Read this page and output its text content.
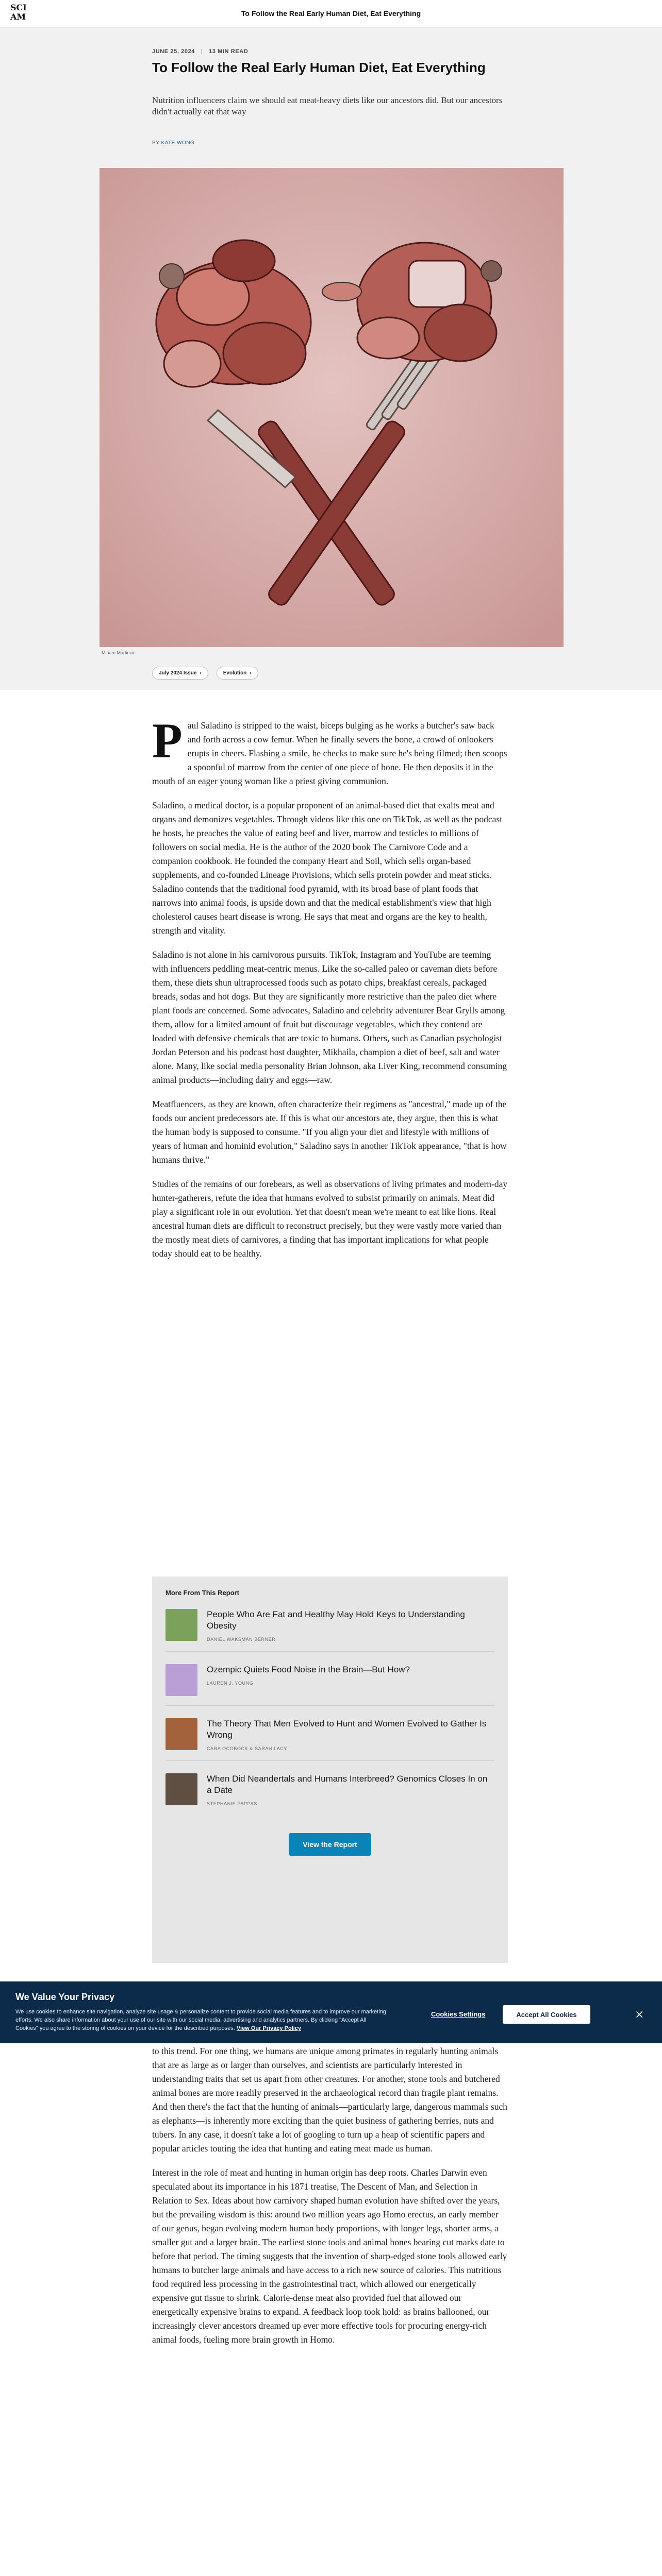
SCI
AM	To Follow the Real Early Human Diet, Eat Everything
JUNE 25, 2024 | 13 MIN READ
To Follow the Real Early Human Diet, Eat Everything

Nutrition influencers claim we should eat meat-heavy diets like our ancestors did. But our ancestors didn't actually eat that way

BY KATE WONG
Miriam Martincic
July 2024 Issue ›	Evolution ›

Paul Saladino is stripped to the waist, biceps bulging as he works a butcher's saw back and forth across a cow femur. When he finally severs the bone, a crowd of onlookers erupts in cheers. Flashing a smile, he checks to make sure he's being filmed; then scoops a spoonful of marrow from the center of one piece of bone. He then deposits it in the mouth of an eager young woman like a priest giving communion.

Saladino, a medical doctor, is a popular proponent of an animal-based diet that exalts meat and organs and demonizes vegetables. Through videos like this one on TikTok, as well as the podcast he hosts, he preaches the value of eating beef and liver, marrow and testicles to millions of followers on social media. He is the author of the 2020 book The Carnivore Code and a companion cookbook. He founded the company Heart and Soil, which sells organ-based supplements, and co-founded Lineage Provisions, which sells protein powder and meat sticks. Saladino contends that the traditional food pyramid, with its broad base of plant foods that narrows into animal foods, is upside down and that the medical establishment's view that high cholesterol causes heart disease is wrong. He says that meat and organs are the key to health, strength and vitality.

Saladino is not alone in his carnivorous pursuits. TikTok, Instagram and YouTube are teeming with influencers peddling meat-centric menus. Like the so-called paleo or caveman diets before them, these diets shun ultraprocessed foods such as potato chips, breakfast cereals, packaged breads, sodas and hot dogs. But they are significantly more restrictive than the paleo diet where plant foods are concerned. Some advocates, Saladino and celebrity adventurer Bear Grylls among them, allow for a limited amount of fruit but discourage vegetables, which they contend are loaded with defensive chemicals that are toxic to humans. Others, such as Canadian psychologist Jordan Peterson and his podcast host daughter, Mikhaila, champion a diet of beef, salt and water alone. Many, like social media personality Brian Johnson, aka Liver King, recommend consuming animal products—including dairy and eggs—raw.

Meatfluencers, as they are known, often characterize their regimens as "ancestral," made up of the foods our ancient predecessors ate. If this is what our ancestors ate, they argue, then this is what the human body is supposed to consume. "If you align your diet and lifestyle with millions of years of human and hominid evolution," Saladino says in another TikTok appearance, "that is how humans thrive."

Studies of the remains of our forebears, as well as observations of living primates and modern-day hunter-gatherers, refute the idea that humans evolved to subsist primarily on animals. Meat did play a significant role in our evolution. Yet that doesn't mean we're meant to eat like lions. Real ancestral human diets are difficult to reconstruct precisely, but they were vastly more varied than the mostly meat diets of carnivores, a finding that has important implications for what people today should eat to be healthy.

More From This Report
People Who Are Fat and Healthy May Hold Keys to Understanding Obesity
DANIEL WAKSMAN BERNER
Ozempic Quiets Food Noise in the Brain—But How?
LAUREN J. YOUNG
The Theory That Men Evolved to Hunt and Women Evolved to Gather Is Wrong
CARA OCOBOCK & SARAH LACY
When Did Neandertals and Humans Interbreed? Genomics Closes In on a Date
STEPHANIE PAPPAS
View the Report
We Value Your Privacy

We use cookies to enhance site navigation, analyze site usage & personalize content to provide social media features and to improve our marketing efforts. We also share information about your use of our site with our social media, advertising and analytics partners. By clicking "Accept All Cookies" you agree to the storing of cookies on your device for the described purposes. View Our Privacy Policy

Cookies Settings	Accept All Cookies	×

to this trend. For one thing, we humans are unique among primates in regularly hunting animals that are as large as or larger than ourselves, and scientists are particularly interested in understanding traits that set us apart from other creatures. For another, stone tools and butchered animal bones are more readily preserved in the archaeological record than fragile plant remains. And then there's the fact that the hunting of animals—particularly large, dangerous mammals such as elephants—is inherently more exciting than the quiet business of gathering berries, nuts and tubers. In any case, it doesn't take a lot of googling to turn up a heap of scientific papers and popular articles touting the idea that hunting and eating meat made us human.

Interest in the role of meat and hunting in human origin has deep roots. Charles Darwin even speculated about its importance in his 1871 treatise, The Descent of Man, and Selection in Relation to Sex. Ideas about how carnivory shaped human evolution have shifted over the years, but the prevailing wisdom is this: around two million years ago Homo erectus, an early member of our genus, began evolving modern human body proportions, with longer legs, shorter arms, a smaller gut and a larger brain. The earliest stone tools and animal bones bearing cut marks date to before that period. The timing suggests that the invention of sharp-edged stone tools allowed early humans to butcher large animals and have access to a rich new source of calories. This nutritious food required less processing in the gastrointestinal tract, which allowed our energetically expensive gut tissue to shrink. Calorie-dense meat also provided fuel that allowed our energetically expensive brains to expand. A feedback loop took hold: as brains ballooned, our increasingly clever ancestors dreamed up ever more effective tools for procuring energy-rich animal foods, fueling more brain growth in Homo.
